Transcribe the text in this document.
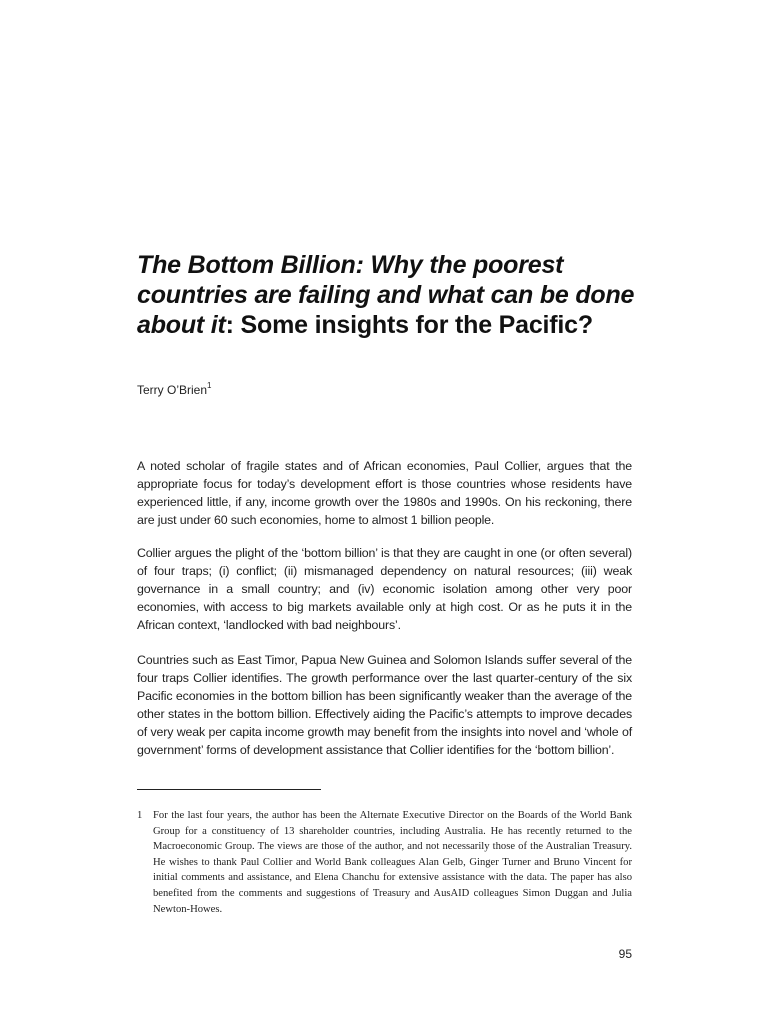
The Bottom Billion: Why the poorest countries are failing and what can be done about it: Some insights for the Pacific?
Terry O’Brien$^1$

A noted scholar of fragile states and of African economies, Paul Collier, argues that the appropriate focus for today’s development effort is those countries whose residents have experienced little, if any, income growth over the 1980s and 1990s. On his reckoning, there are just under 60 such economies, home to almost 1 billion people.

Collier argues the plight of the ‘bottom billion’ is that they are caught in one (or often several) of four traps; (i) conflict; (ii) mismanaged dependency on natural resources; (iii) weak governance in a small country; and (iv) economic isolation among other very poor economies, with access to big markets available only at high cost. Or as he puts it in the African context, ‘landlocked with bad neighbours’.

Countries such as East Timor, Papua New Guinea and Solomon Islands suffer several of the four traps Collier identifies. The growth performance over the last quarter-century of the six Pacific economies in the bottom billion has been significantly weaker than the average of the other states in the bottom billion. Effectively aiding the Pacific’s attempts to improve decades of very weak per capita income growth may benefit from the insights into novel and ‘whole of government’ forms of development assistance that Collier identifies for the ‘bottom billion’.

1 For the last four years, the author has been the Alternate Executive Director on the Boards of the World Bank Group for a constituency of 13 shareholder countries, including Australia. He has recently returned to the Macroeconomic Group. The views are those of the author, and not necessarily those of the Australian Treasury. He wishes to thank Paul Collier and World Bank colleagues Alan Gelb, Ginger Turner and Bruno Vincent for initial comments and assistance, and Elena Chanchu for extensive assistance with the data. The paper has also benefited from the comments and suggestions of Treasury and AusAID colleagues Simon Duggan and Julia Newton-Howes.
95
